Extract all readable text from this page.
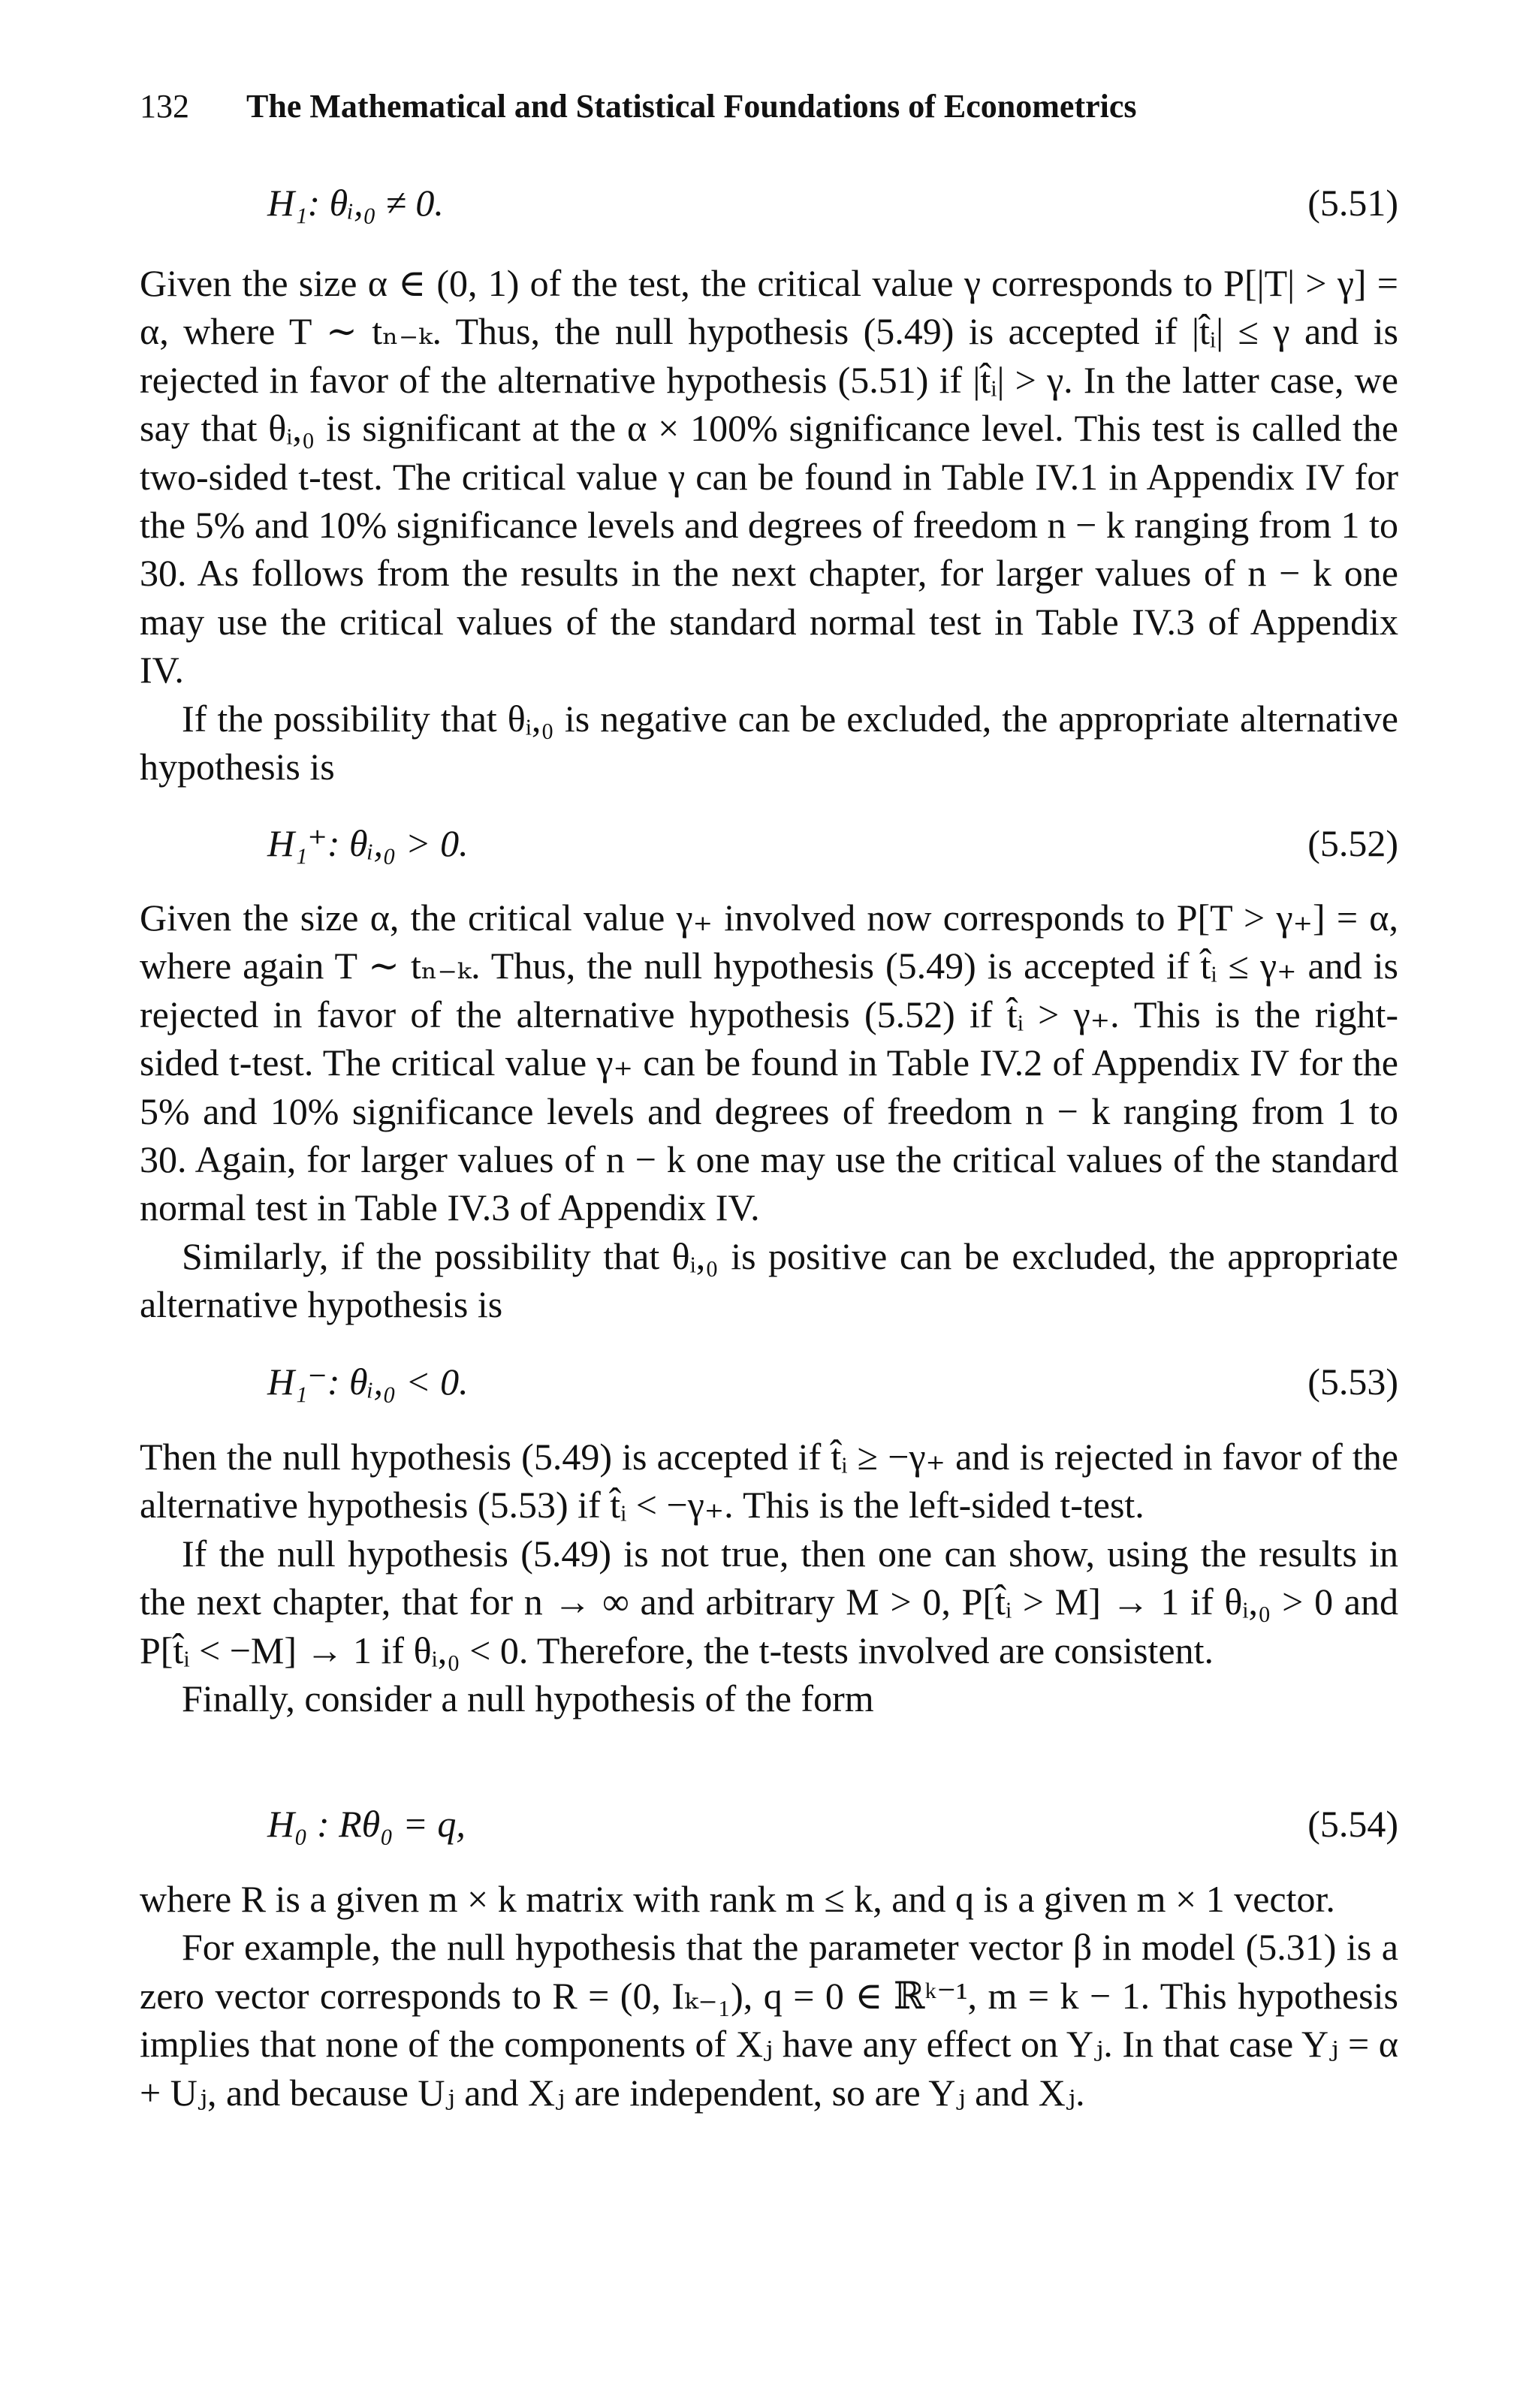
132 The Mathematical and Statistical Foundations of Econometrics
H₁: θᵢ,₀ ≠ 0.	(5.51)

Given the size α ∈ (0, 1) of the test, the critical value γ corresponds to P[|T| > γ] = α, where T ∼ tₙ₋ₖ. Thus, the null hypothesis (5.49) is accepted if |t̂ᵢ| ≤ γ and is rejected in favor of the alternative hypothesis (5.51) if |t̂ᵢ| > γ. In the latter case, we say that θᵢ,₀ is significant at the α × 100% significance level. This test is called the two-sided t-test. The critical value γ can be found in Table IV.1 in Appendix IV for the 5% and 10% significance levels and degrees of freedom n − k ranging from 1 to 30. As follows from the results in the next chapter, for larger values of n − k one may use the critical values of the standard normal test in Table IV.3 of Appendix IV.

If the possibility that θᵢ,₀ is negative can be excluded, the appropriate alternative hypothesis is

H₁⁺: θᵢ,₀ > 0.	(5.52)

Given the size α, the critical value γ₊ involved now corresponds to P[T > γ₊] = α, where again T ∼ tₙ₋ₖ. Thus, the null hypothesis (5.49) is accepted if t̂ᵢ ≤ γ₊ and is rejected in favor of the alternative hypothesis (5.52) if t̂ᵢ > γ₊. This is the right-sided t-test. The critical value γ₊ can be found in Table IV.2 of Appendix IV for the 5% and 10% significance levels and degrees of freedom n − k ranging from 1 to 30. Again, for larger values of n − k one may use the critical values of the standard normal test in Table IV.3 of Appendix IV.

Similarly, if the possibility that θᵢ,₀ is positive can be excluded, the appropriate alternative hypothesis is

H₁⁻: θᵢ,₀ < 0.	(5.53)

Then the null hypothesis (5.49) is accepted if t̂ᵢ ≥ −γ₊ and is rejected in favor of the alternative hypothesis (5.53) if t̂ᵢ < −γ₊. This is the left-sided t-test.

If the null hypothesis (5.49) is not true, then one can show, using the results in the next chapter, that for n → ∞ and arbitrary M > 0, P[t̂ᵢ > M] → 1 if θᵢ,₀ > 0 and P[t̂ᵢ < −M] → 1 if θᵢ,₀ < 0. Therefore, the t-tests involved are consistent.

Finally, consider a null hypothesis of the form

H₀ : Rθ₀ = q,	(5.54)

where R is a given m × k matrix with rank m ≤ k, and q is a given m × 1 vector.

For example, the null hypothesis that the parameter vector β in model (5.31) is a zero vector corresponds to R = (0, Iₖ₋₁), q = 0 ∈ ℝᵏ⁻¹, m = k − 1. This hypothesis implies that none of the components of Xⱼ have any effect on Yⱼ. In that case Yⱼ = α + Uⱼ, and because Uⱼ and Xⱼ are independent, so are Yⱼ and Xⱼ.
